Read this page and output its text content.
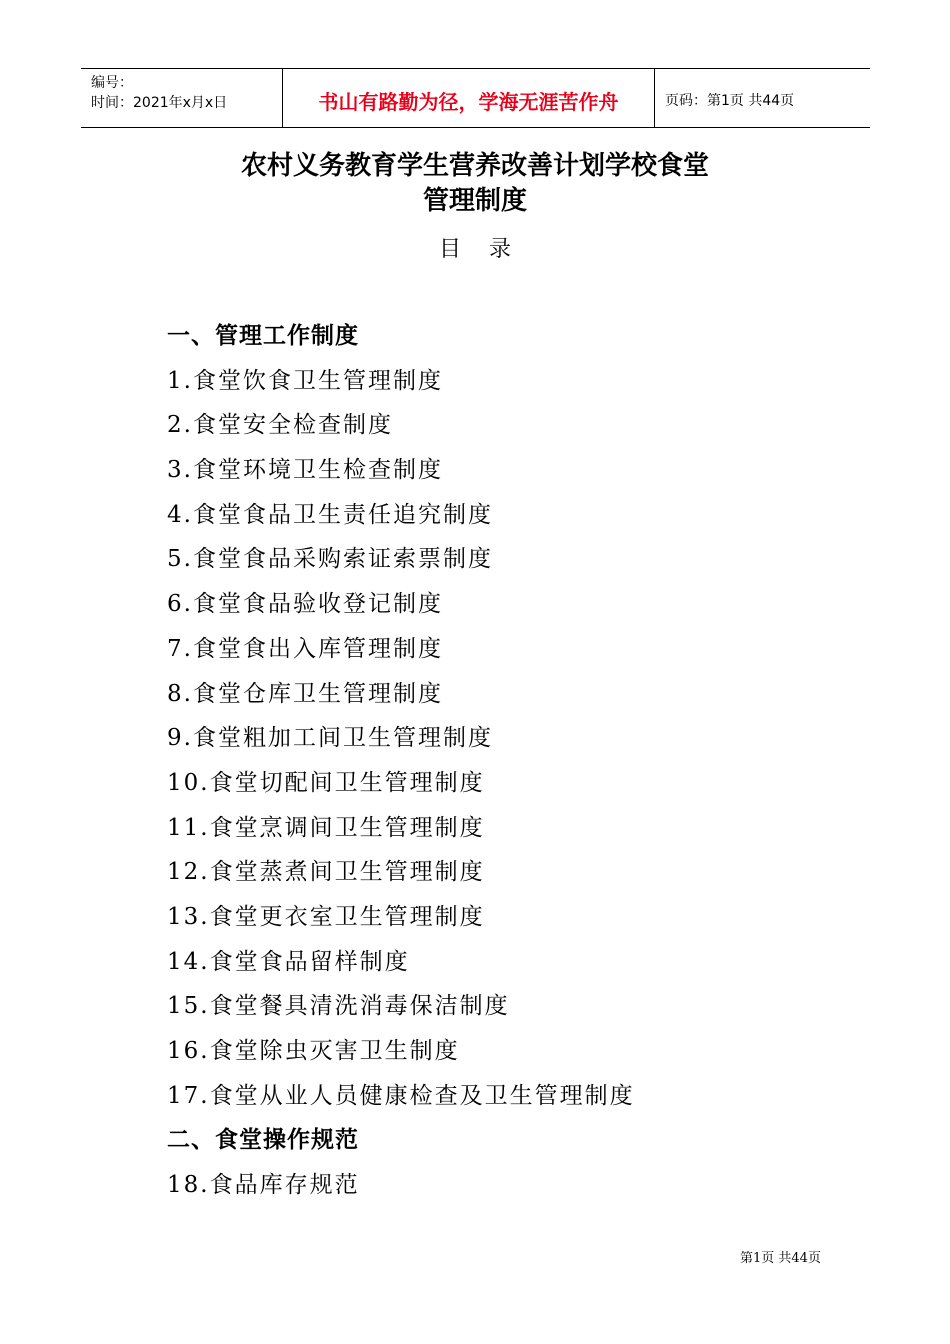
编号：
时间：2021年x月x日	书山有路勤为径，学海无涯苦作舟	页码：第1页 共44页
农村义务教育学生营养改善计划学校食堂
管理制度
目录
一、管理工作制度
1.食堂饮食卫生管理制度
2.食堂安全检查制度
3.食堂环境卫生检查制度
4.食堂食品卫生责任追究制度
5.食堂食品采购索证索票制度
6.食堂食品验收登记制度
7.食堂食出入库管理制度
8.食堂仓库卫生管理制度
9.食堂粗加工间卫生管理制度
10.食堂切配间卫生管理制度
11.食堂烹调间卫生管理制度
12.食堂蒸煮间卫生管理制度
13.食堂更衣室卫生管理制度
14.食堂食品留样制度
15.食堂餐具清洗消毒保洁制度
16.食堂除虫灭害卫生制度
17.食堂从业人员健康检查及卫生管理制度
二、食堂操作规范
18.食品库存规范
第1页 共44页
